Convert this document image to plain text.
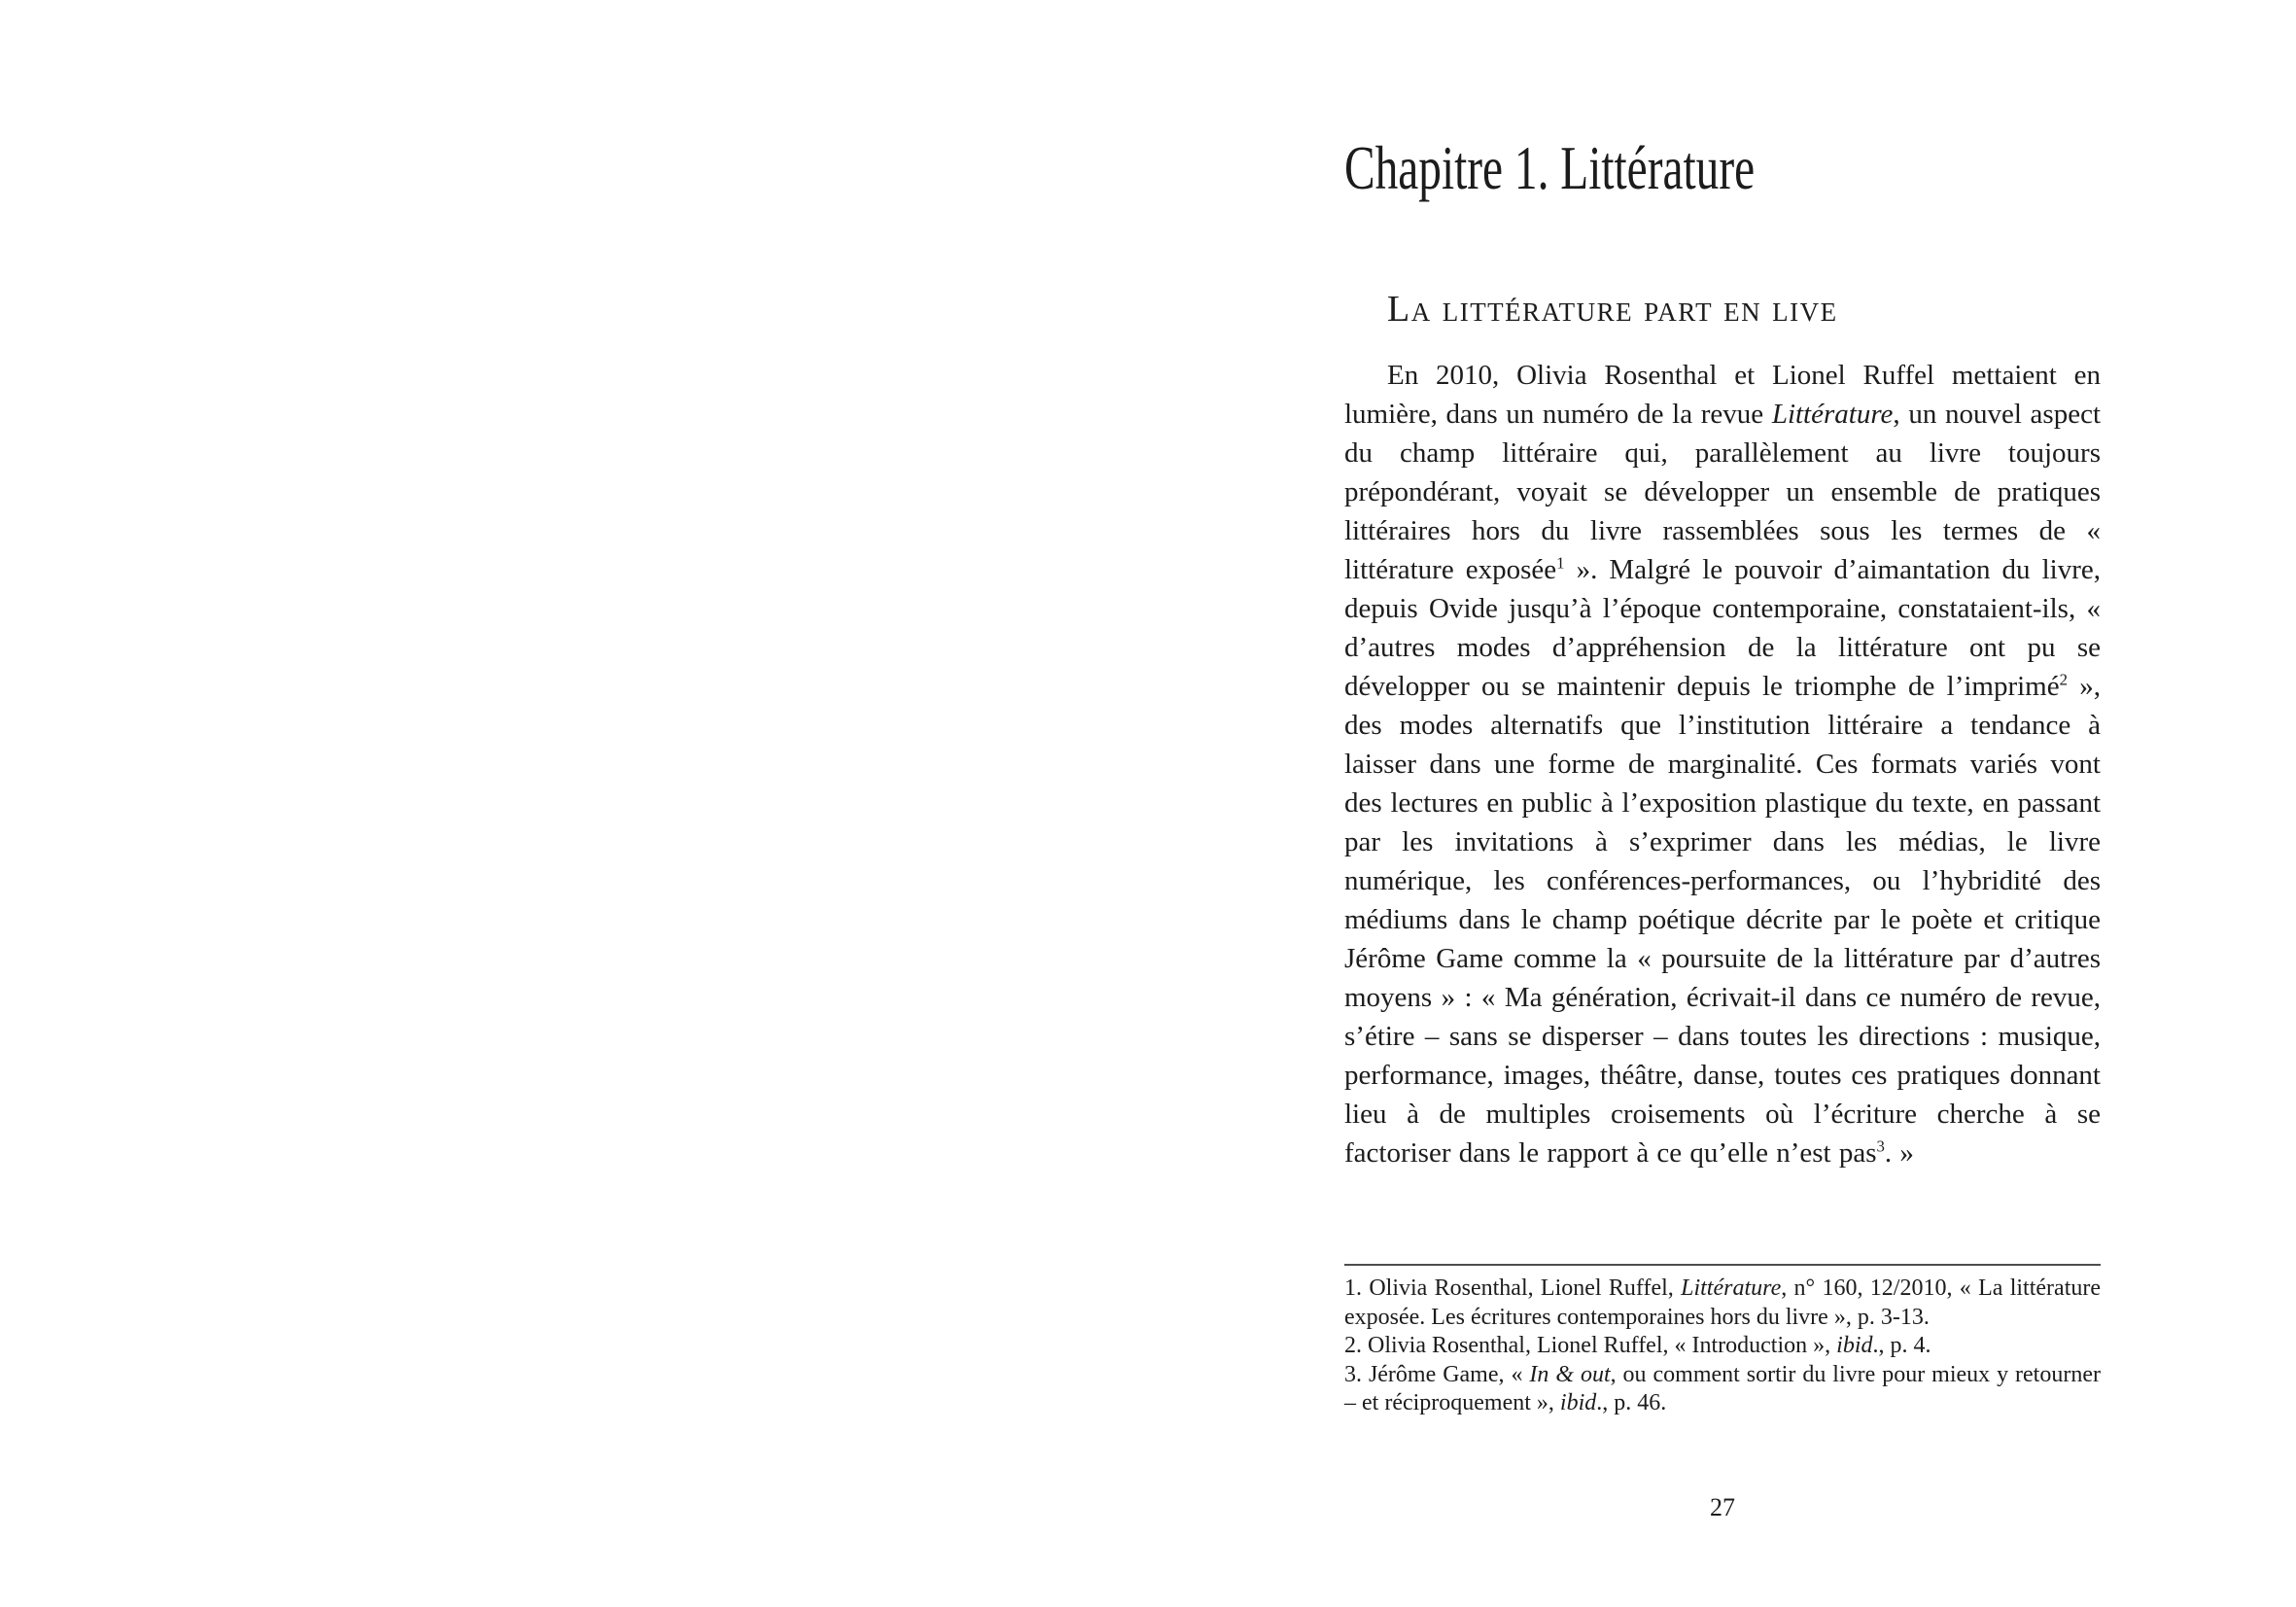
Chapitre 1. Littérature
La littérature part en live

En 2010, Olivia Rosenthal et Lionel Ruffel mettaient en lumière, dans un numéro de la revue Littérature, un nouvel aspect du champ littéraire qui, parallèlement au livre toujours prépondérant, voyait se développer un ensemble de pratiques littéraires hors du livre rassemblées sous les termes de « littérature exposée$^1$ ». Malgré le pouvoir d’aimantation du livre, depuis Ovide jusqu’à l’époque contemporaine, constataient-ils, « d’autres modes d’appréhension de la littérature ont pu se développer ou se maintenir depuis le triomphe de l’imprimé$^2$ », des modes alternatifs que l’institution littéraire a tendance à laisser dans une forme de marginalité. Ces formats variés vont des lectures en public à l’exposition plastique du texte, en passant par les invitations à s’exprimer dans les médias, le livre numérique, les conférences-performances, ou l’hybridité des médiums dans le champ poétique décrite par le poète et critique Jérôme Game comme la « poursuite de la littérature par d’autres moyens » : « Ma génération, écrivait-il dans ce numéro de revue, s’étire – sans se disperser – dans toutes les directions : musique, performance, images, théâtre, danse, toutes ces pratiques donnant lieu à de multiples croisements où l’écriture cherche à se factoriser dans le rapport à ce qu’elle n’est pas$^3$. »

1. Olivia Rosenthal, Lionel Ruffel, Littérature, n° 160, 12/2010, « La littérature exposée. Les écritures contemporaines hors du livre », p. 3-13.
2. Olivia Rosenthal, Lionel Ruffel, « Introduction », ibid., p. 4.
3. Jérôme Game, « In & out, ou comment sortir du livre pour mieux y retourner – et réciproquement », ibid., p. 46.
27
